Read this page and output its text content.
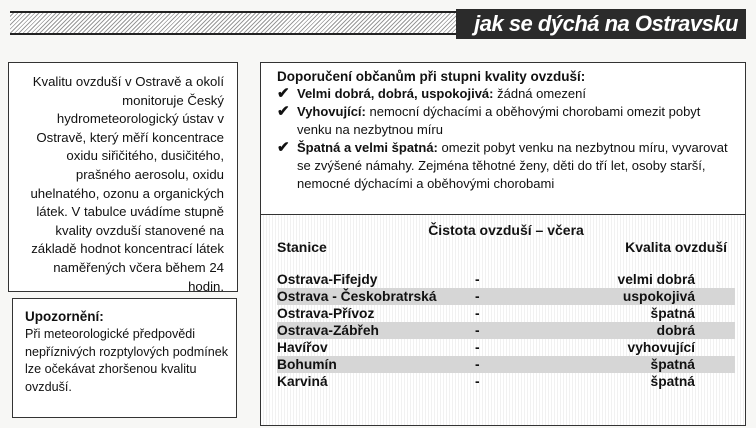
jak se dýchá na Ostravsku

Kvalitu ovzduší v Ostravě a okolí monitoruje Český hydrometeorologický ústav v Ostravě, který měří koncentrace oxidu siřičitého, dusičitého, prašného aerosolu, oxidu uhelnatého, ozonu a organických látek. V tabulce uvádíme stupně kvality ovzduší stanovené na základě hodnot koncentrací látek naměřených včera během 24 hodin.

Upozornění:

Při meteorologické předpovědi nepříznivých rozptylových podmínek lze očekávat zhoršenou kvalitu ovzduší.

Doporučení občanům při stupni kvality ovzduší:

✔ Velmi dobrá, dobrá, uspokojivá: žádná omezení
✔ Vyhovující: nemocní dýchacími a oběhovými chorobami omezit pobyt venku na nezbytnou míru
✔ Špatná a velmi špatná: omezit pobyt venku na nezbytnou míru, vyvarovat se zvýšené námahy. Zejména těhotné ženy, děti do tří let, osoby starší, nemocné dýchacími a oběhovými chorobami
Čistota ovzduší – včera
Stanice	Kvalita ovzduší
Ostrava-Fifejdy	-	velmi dobrá
Ostrava - Českobratrská	-	uspokojivá
Ostrava-Přívoz	-	špatná
Ostrava-Zábřeh	-	dobrá
Havířov	-	vyhovující
Bohumín	-	špatná
Karviná	-	špatná
